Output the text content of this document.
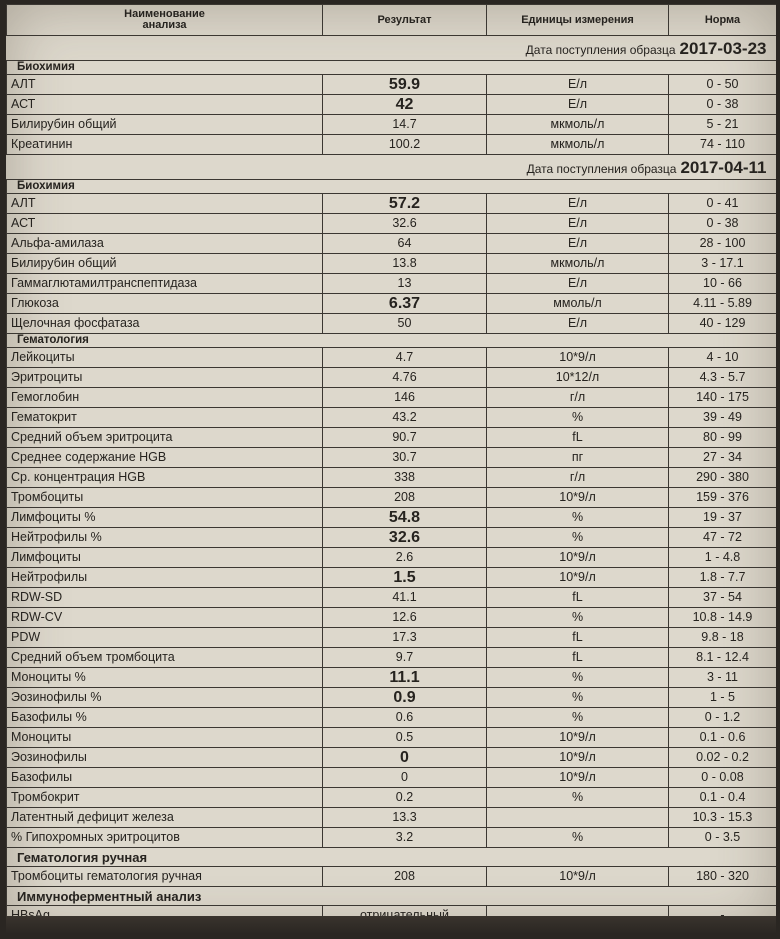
Наименование
анализа	Результат	Единицы измерения	Норма
Дата поступления образца 2017-03-23			
Биохимия			
АЛТ	59.9	Е/л	0 - 50
АСТ	42	Е/л	0 - 38
Билирубин общий	14.7	мкмоль/л	5 - 21
Креатинин	100.2	мкмоль/л	74 - 110
Дата поступления образца 2017-04-11			
Биохимия			
АЛТ	57.2	Е/л	0 - 41
АСТ	32.6	Е/л	0 - 38
Альфа-амилаза	64	Е/л	28 - 100
Билирубин общий	13.8	мкмоль/л	3 - 17.1
Гаммаглютамилтранспептидаза	13	Е/л	10 - 66
Глюкоза	6.37	ммоль/л	4.11 - 5.89
Щелочная фосфатаза	50	Е/л	40 - 129
Гематология			
Лейкоциты	4.7	10*9/л	4 - 10
Эритроциты	4.76	10*12/л	4.3 - 5.7
Гемоглобин	146	г/л	140 - 175
Гематокрит	43.2	%	39 - 49
Средний объем эритроцита	90.7	fL	80 - 99
Среднее содержание HGB	30.7	пг	27 - 34
Ср. концентрация HGB	338	г/л	290 - 380
Тромбоциты	208	10*9/л	159 - 376
Лимфоциты %	54.8	%	19 - 37
Нейтрофилы %	32.6	%	47 - 72
Лимфоциты	2.6	10*9/л	1 - 4.8
Нейтрофилы	1.5	10*9/л	1.8 - 7.7
RDW-SD	41.1	fL	37 - 54
RDW-CV	12.6	%	10.8 - 14.9
PDW	17.3	fL	9.8 - 18
Средний объем тромбоцита	9.7	fL	8.1 - 12.4
Моноциты %	11.1	%	3 - 11
Эозинофилы %	0.9	%	1 - 5
Базофилы %	0.6	%	0 - 1.2
Моноциты	0.5	10*9/л	0.1 - 0.6
Эозинофилы	0	10*9/л	0.02 - 0.2
Базофилы	0	10*9/л	0 - 0.08
Тромбокрит	0.2	%	0.1 - 0.4
Латентный дефицит железа	13.3		10.3 - 15.3
% Гипохромных эритроцитов	3.2	%	0 - 3.5
Гематология ручная			
Тромбоциты гематология ручная	208	10*9/л	180 - 320
Иммуноферментный анализ			
